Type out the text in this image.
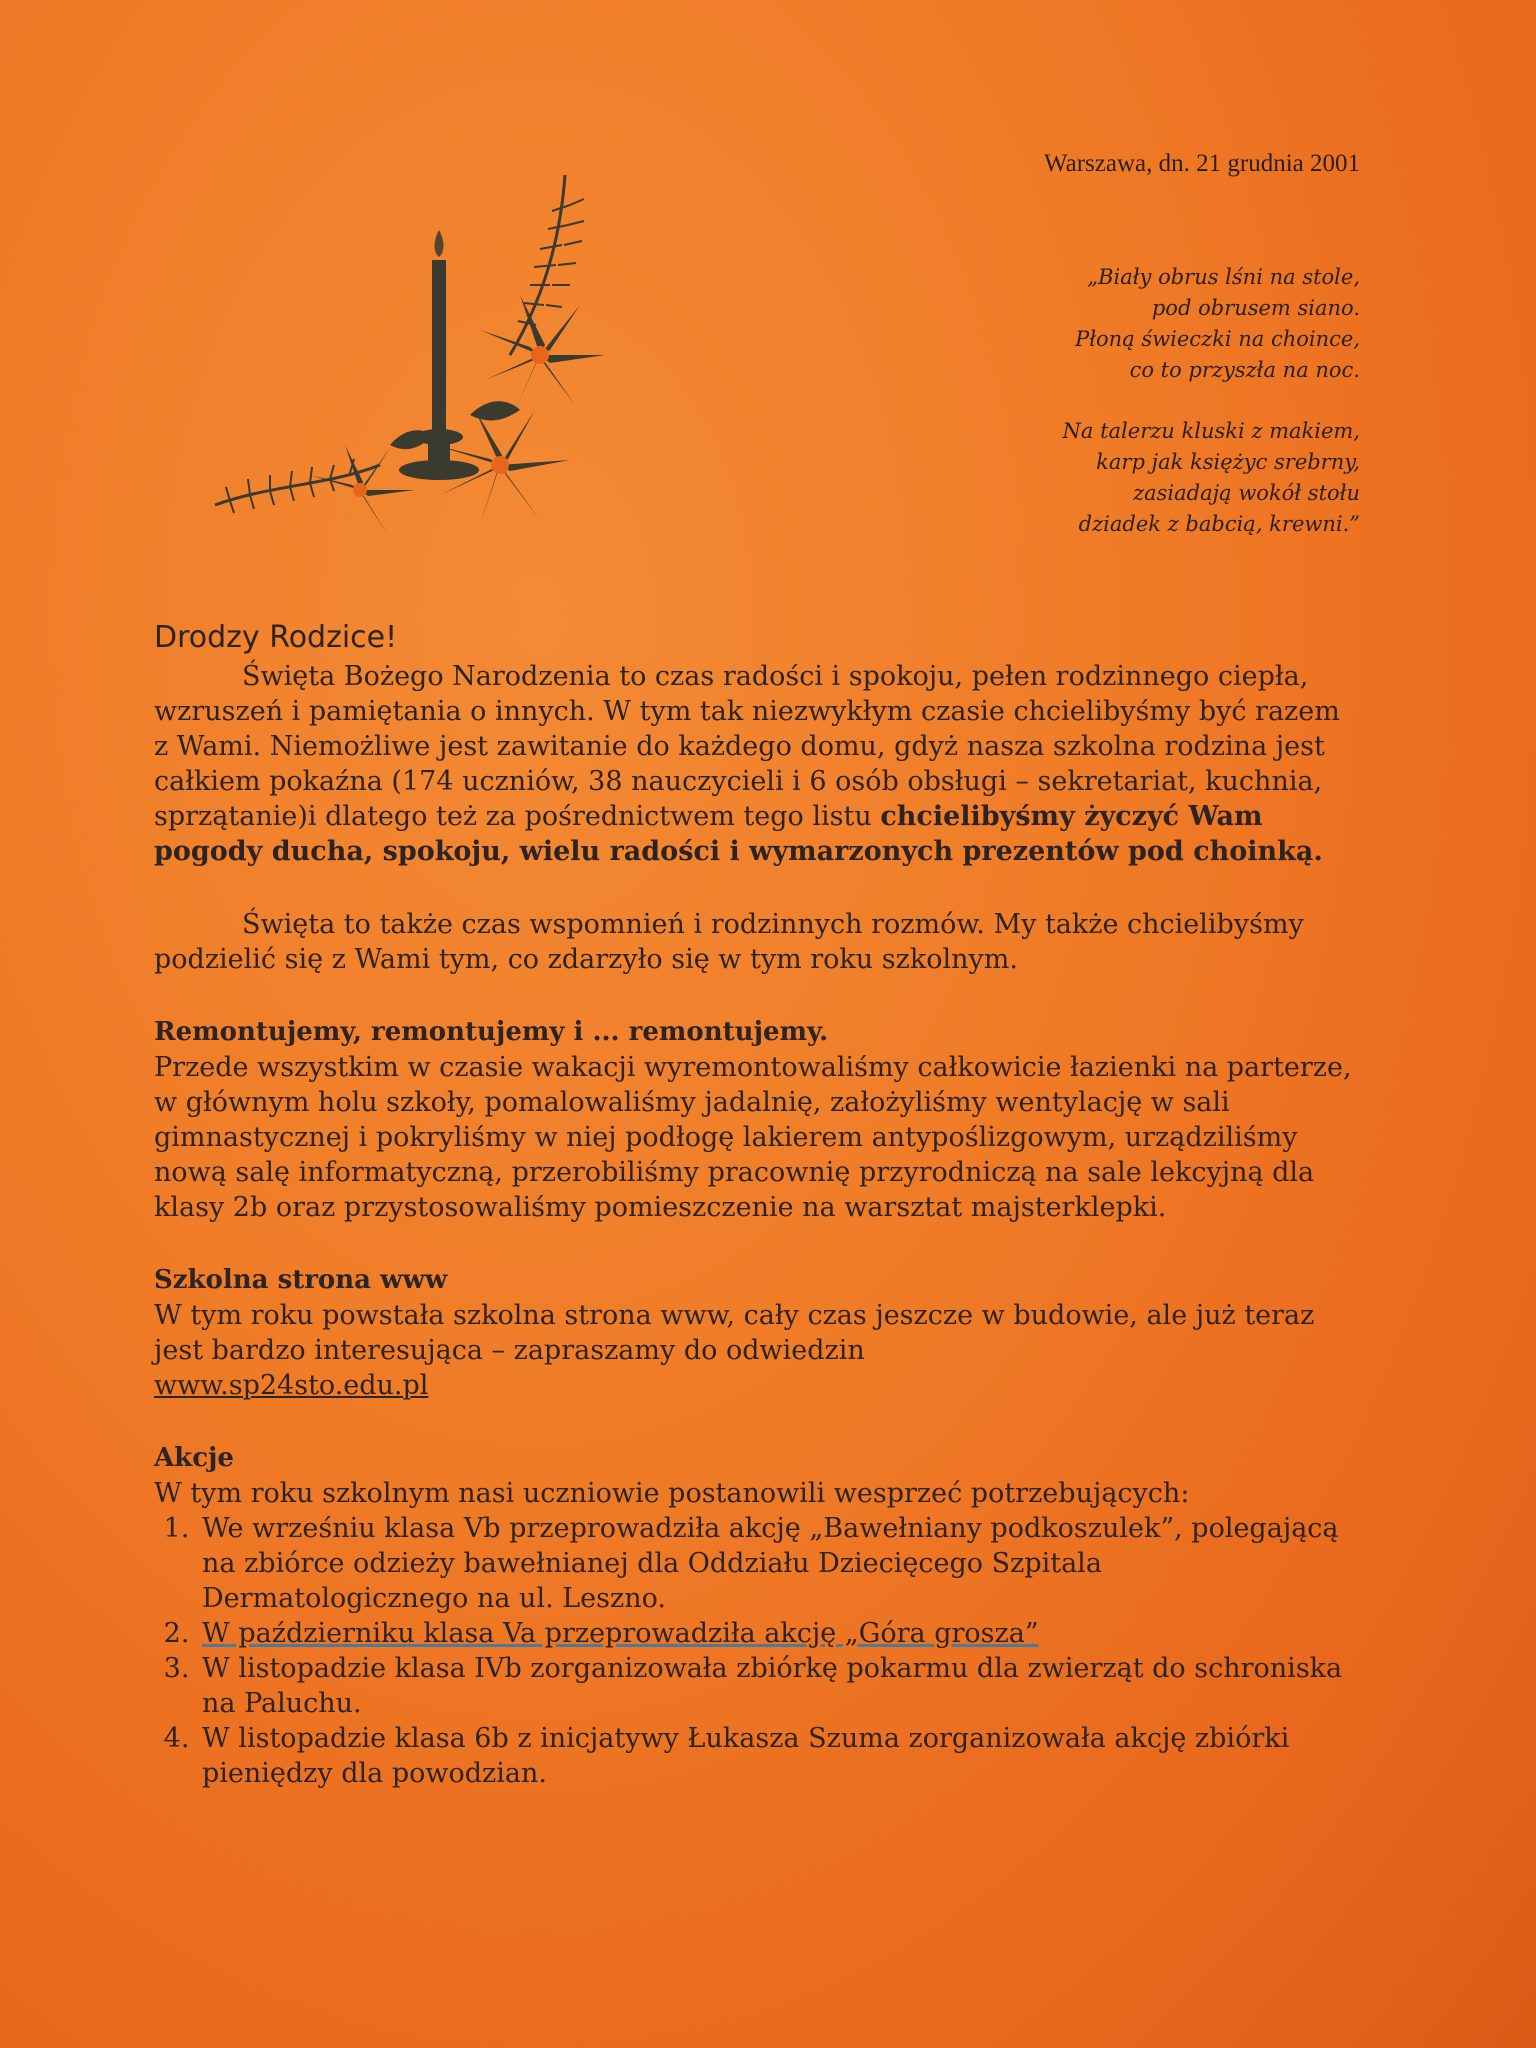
Warszawa, dn. 21 grudnia 2001
„Biały obrus lśni na stole,
pod obrusem siano.
Płoną świeczki na choince,
co to przyszła na noc.
Na talerzu kluski z makiem,
karp jak księżyc srebrny,
zasiadają wokół stołu
dziadek z babcią, krewni.”
Drodzy Rodzice!

Święta Bożego Narodzenia to czas radości i spokoju, pełen rodzinnego ciepła, wzruszeń i pamiętania o innych. W tym tak niezwykłym czasie chcielibyśmy być razem z Wami. Niemożliwe jest zawitanie do każdego domu, gdyż nasza szkolna rodzina jest całkiem pokaźna (174 uczniów, 38 nauczycieli i 6 osób obsługi – sekretariat, kuchnia, sprzątanie)i dlatego też za pośrednictwem tego listu chcielibyśmy życzyć Wam pogody ducha, spokoju, wielu radości i wymarzonych prezentów pod choinką.

Święta to także czas wspomnień i rodzinnych rozmów. My także chcielibyśmy podzielić się z Wami tym, co zdarzyło się w tym roku szkolnym.

Remontujemy, remontujemy i ... remontujemy.

Przede wszystkim w czasie wakacji wyremontowaliśmy całkowicie łazienki na parterze, w głównym holu szkoły, pomalowaliśmy jadalnię, założyliśmy wentylację w sali gimnastycznej i pokryliśmy w niej podłogę lakierem antypoślizgowym, urządziliśmy nową salę informatyczną, przerobiliśmy pracownię przyrodniczą na sale lekcyjną dla klasy 2b oraz przystosowaliśmy pomieszczenie na warsztat majsterklepki.

Szkolna strona www

W tym roku powstała szkolna strona www, cały czas jeszcze w budowie, ale już teraz jest bardzo interesująca – zapraszamy do odwiedzin

www.sp24sto.edu.pl

Akcje

W tym roku szkolnym nasi uczniowie postanowili wesprzeć potrzebujących:

1. We wrześniu klasa Vb przeprowadziła akcję „Bawełniany podkoszulek”, polegającą na zbiórce odzieży bawełnianej dla Oddziału Dziecięcego Szpitala Dermatologicznego na ul. Leszno.
2. W październiku klasa Va przeprowadziła akcję „Góra grosza”
3. W listopadzie klasa IVb zorganizowała zbiórkę pokarmu dla zwierząt do schroniska na Paluchu.
4. W listopadzie klasa 6b z inicjatywy Łukasza Szuma zorganizowała akcję zbiórki pieniędzy dla powodzian.
